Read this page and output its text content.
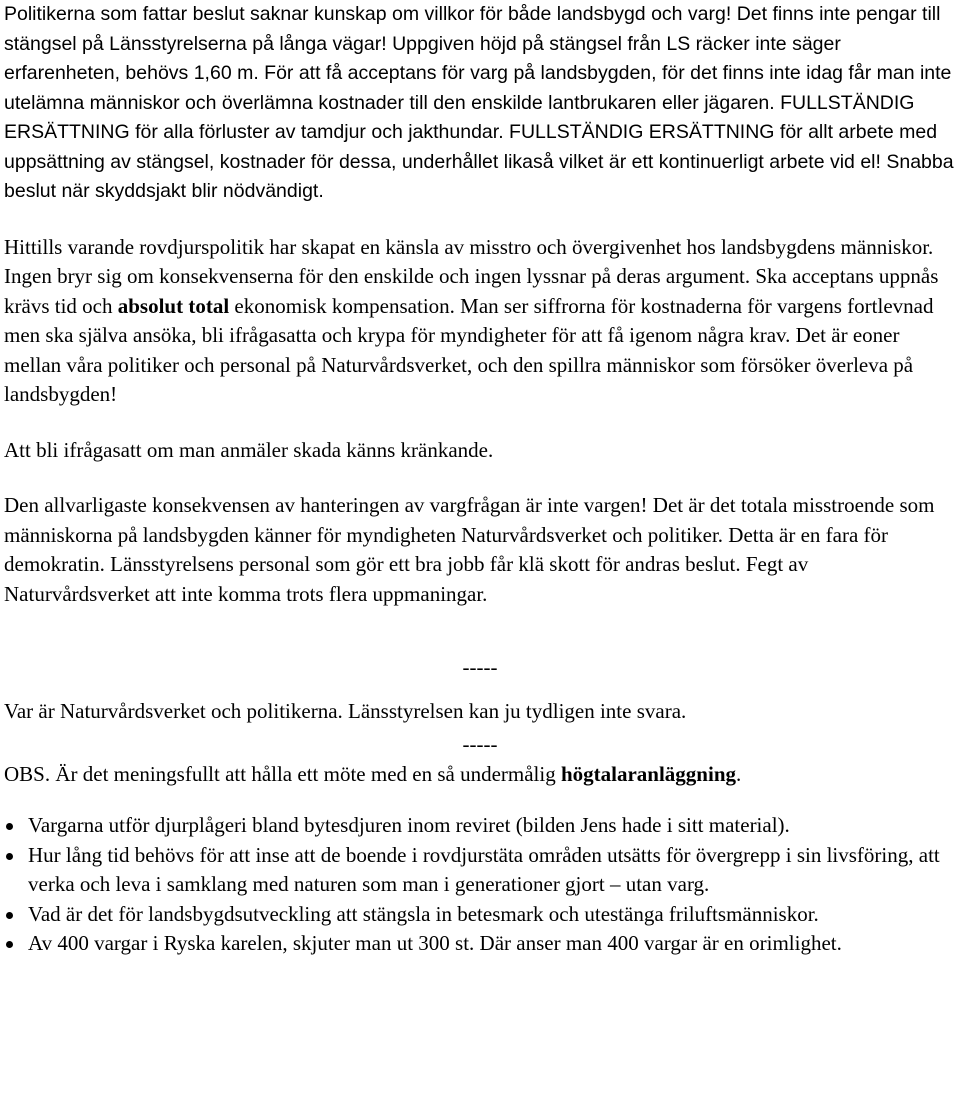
Politikerna som fattar beslut saknar kunskap om villkor för både landsbygd och varg! Det finns inte pengar till stängsel på Länsstyrelserna på långa vägar! Uppgiven höjd på stängsel från LS räcker inte säger erfarenheten, behövs 1,60 m. För att få acceptans för varg på landsbygden, för det finns inte idag får man inte utelämna människor och överlämna kostnader till den enskilde lantbrukaren eller jägaren. FULLSTÄNDIG ERSÄTTNING för alla förluster av tamdjur och jakthundar. FULLSTÄNDIG ERSÄTTNING för allt arbete med uppsättning av stängsel, kostnader för dessa, underhållet likaså vilket är ett kontinuerligt arbete vid el! Snabba beslut när skyddsjakt blir nödvändigt.

Hittills varande rovdjurspolitik har skapat en känsla av misstro och övergivenhet hos landsbygdens människor. Ingen bryr sig om konsekvenserna för den enskilde och ingen lyssnar på deras argument. Ska acceptans uppnås krävs tid och absolut total ekonomisk kompensation. Man ser siffrorna för kostnaderna för vargens fortlevnad men ska själva ansöka, bli ifrågasatta och krypa för myndigheter för att få igenom några krav. Det är eoner mellan våra politiker och personal på Naturvårdsverket, och den spillra människor som försöker överleva på landsbygden!

Att bli ifrågasatt om man anmäler skada känns kränkande.

Den allvarligaste konsekvensen av hanteringen av vargfrågan är inte vargen! Det är det totala misstroende som människorna på landsbygden känner för myndigheten Naturvårdsverket och politiker. Detta är en fara för demokratin. Länsstyrelsens personal som gör ett bra jobb får klä skott för andras beslut. Fegt av Naturvårdsverket att inte komma trots flera uppmaningar.

-----

Var är Naturvårdsverket och politikerna. Länsstyrelsen kan ju tydligen inte svara.

-----

OBS. Är det meningsfullt att hålla ett möte med en så undermålig högtalaranläggning.

Vargarna utför djurplågeri bland bytesdjuren inom reviret (bilden Jens hade i sitt material).
Hur lång tid behövs för att inse att de boende i rovdjurstäta områden utsätts för övergrepp i sin livsföring, att verka och leva i samklang med naturen som man i generationer gjort – utan varg.
Vad är det för landsbygdsutveckling att stängsla in betesmark och utestänga friluftsmänniskor.
Av 400 vargar i Ryska karelen, skjuter man ut 300 st. Där anser man 400 vargar är en orimlighet.
